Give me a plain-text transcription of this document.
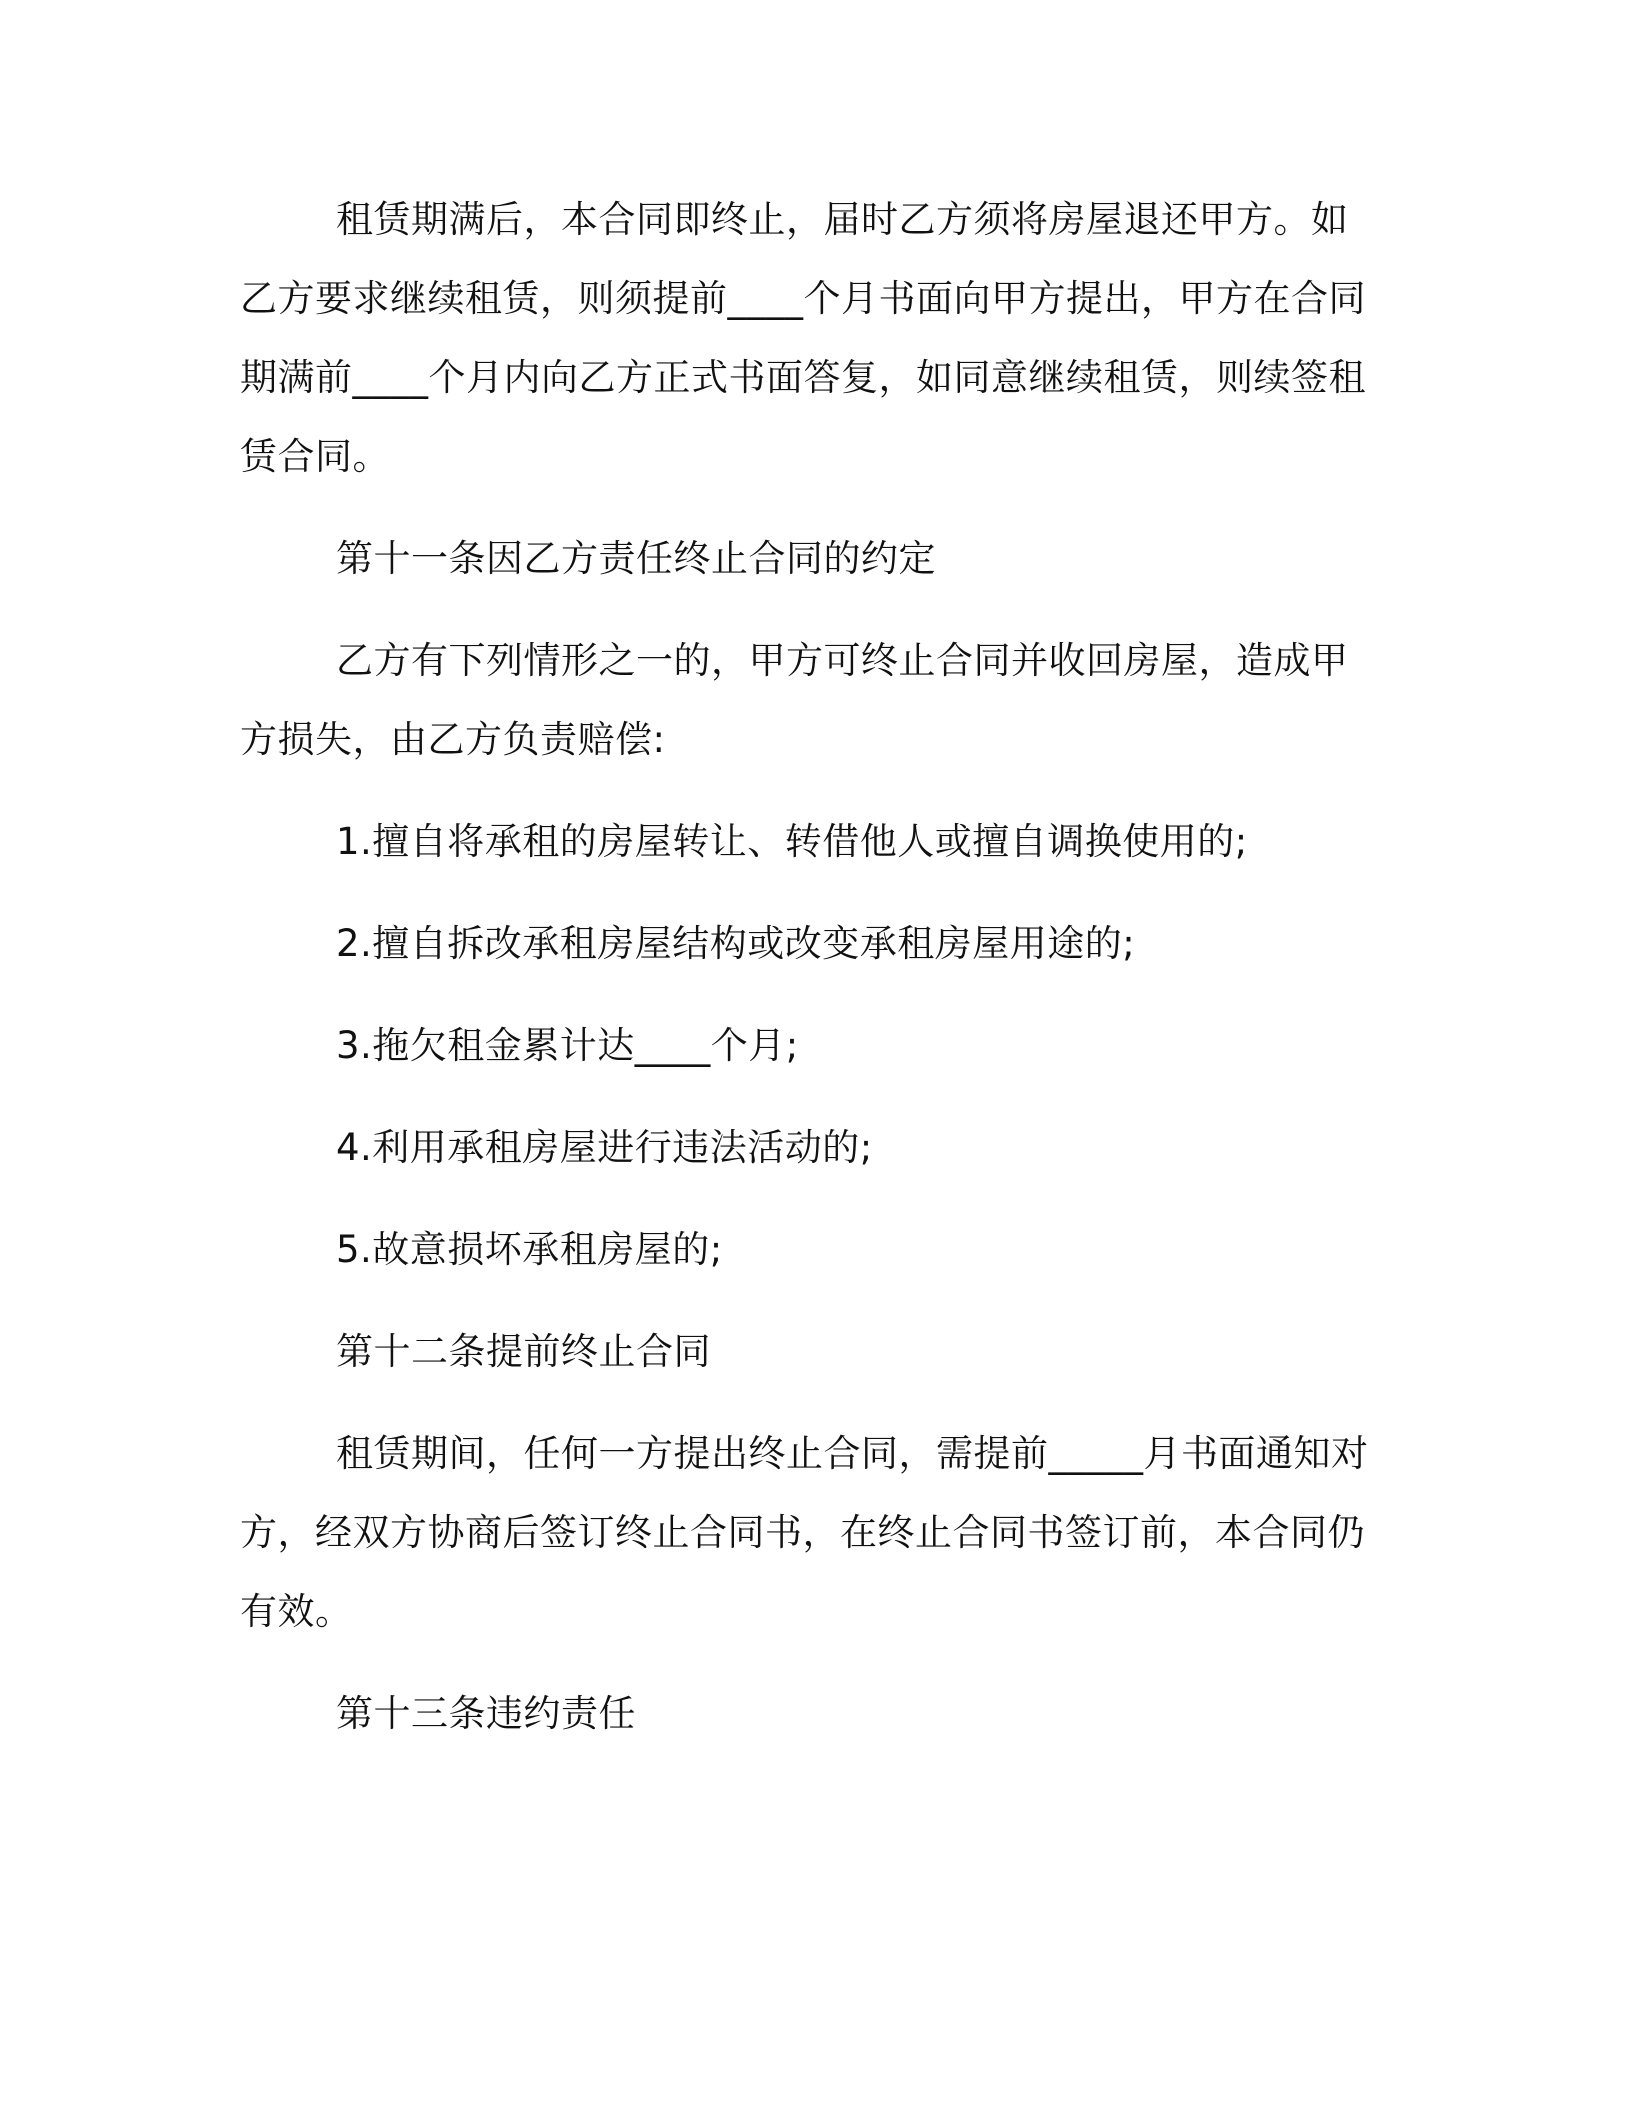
租赁期满后，本合同即终止，届时乙方须将房屋退还甲方。如乙方要求继续租赁，则须提前____个月书面向甲方提出，甲方在合同期满前____个月内向乙方正式书面答复，如同意继续租赁，则续签租赁合同。

第十一条因乙方责任终止合同的约定

乙方有下列情形之一的，甲方可终止合同并收回房屋，造成甲方损失，由乙方负责赔偿:

1.擅自将承租的房屋转让、转借他人或擅自调换使用的;

2.擅自拆改承租房屋结构或改变承租房屋用途的;

3.拖欠租金累计达____个月;

4.利用承租房屋进行违法活动的;

5.故意损坏承租房屋的;

第十二条提前终止合同

租赁期间，任何一方提出终止合同，需提前_____月书面通知对方，经双方协商后签订终止合同书，在终止合同书签订前，本合同仍有效。

第十三条违约责任
